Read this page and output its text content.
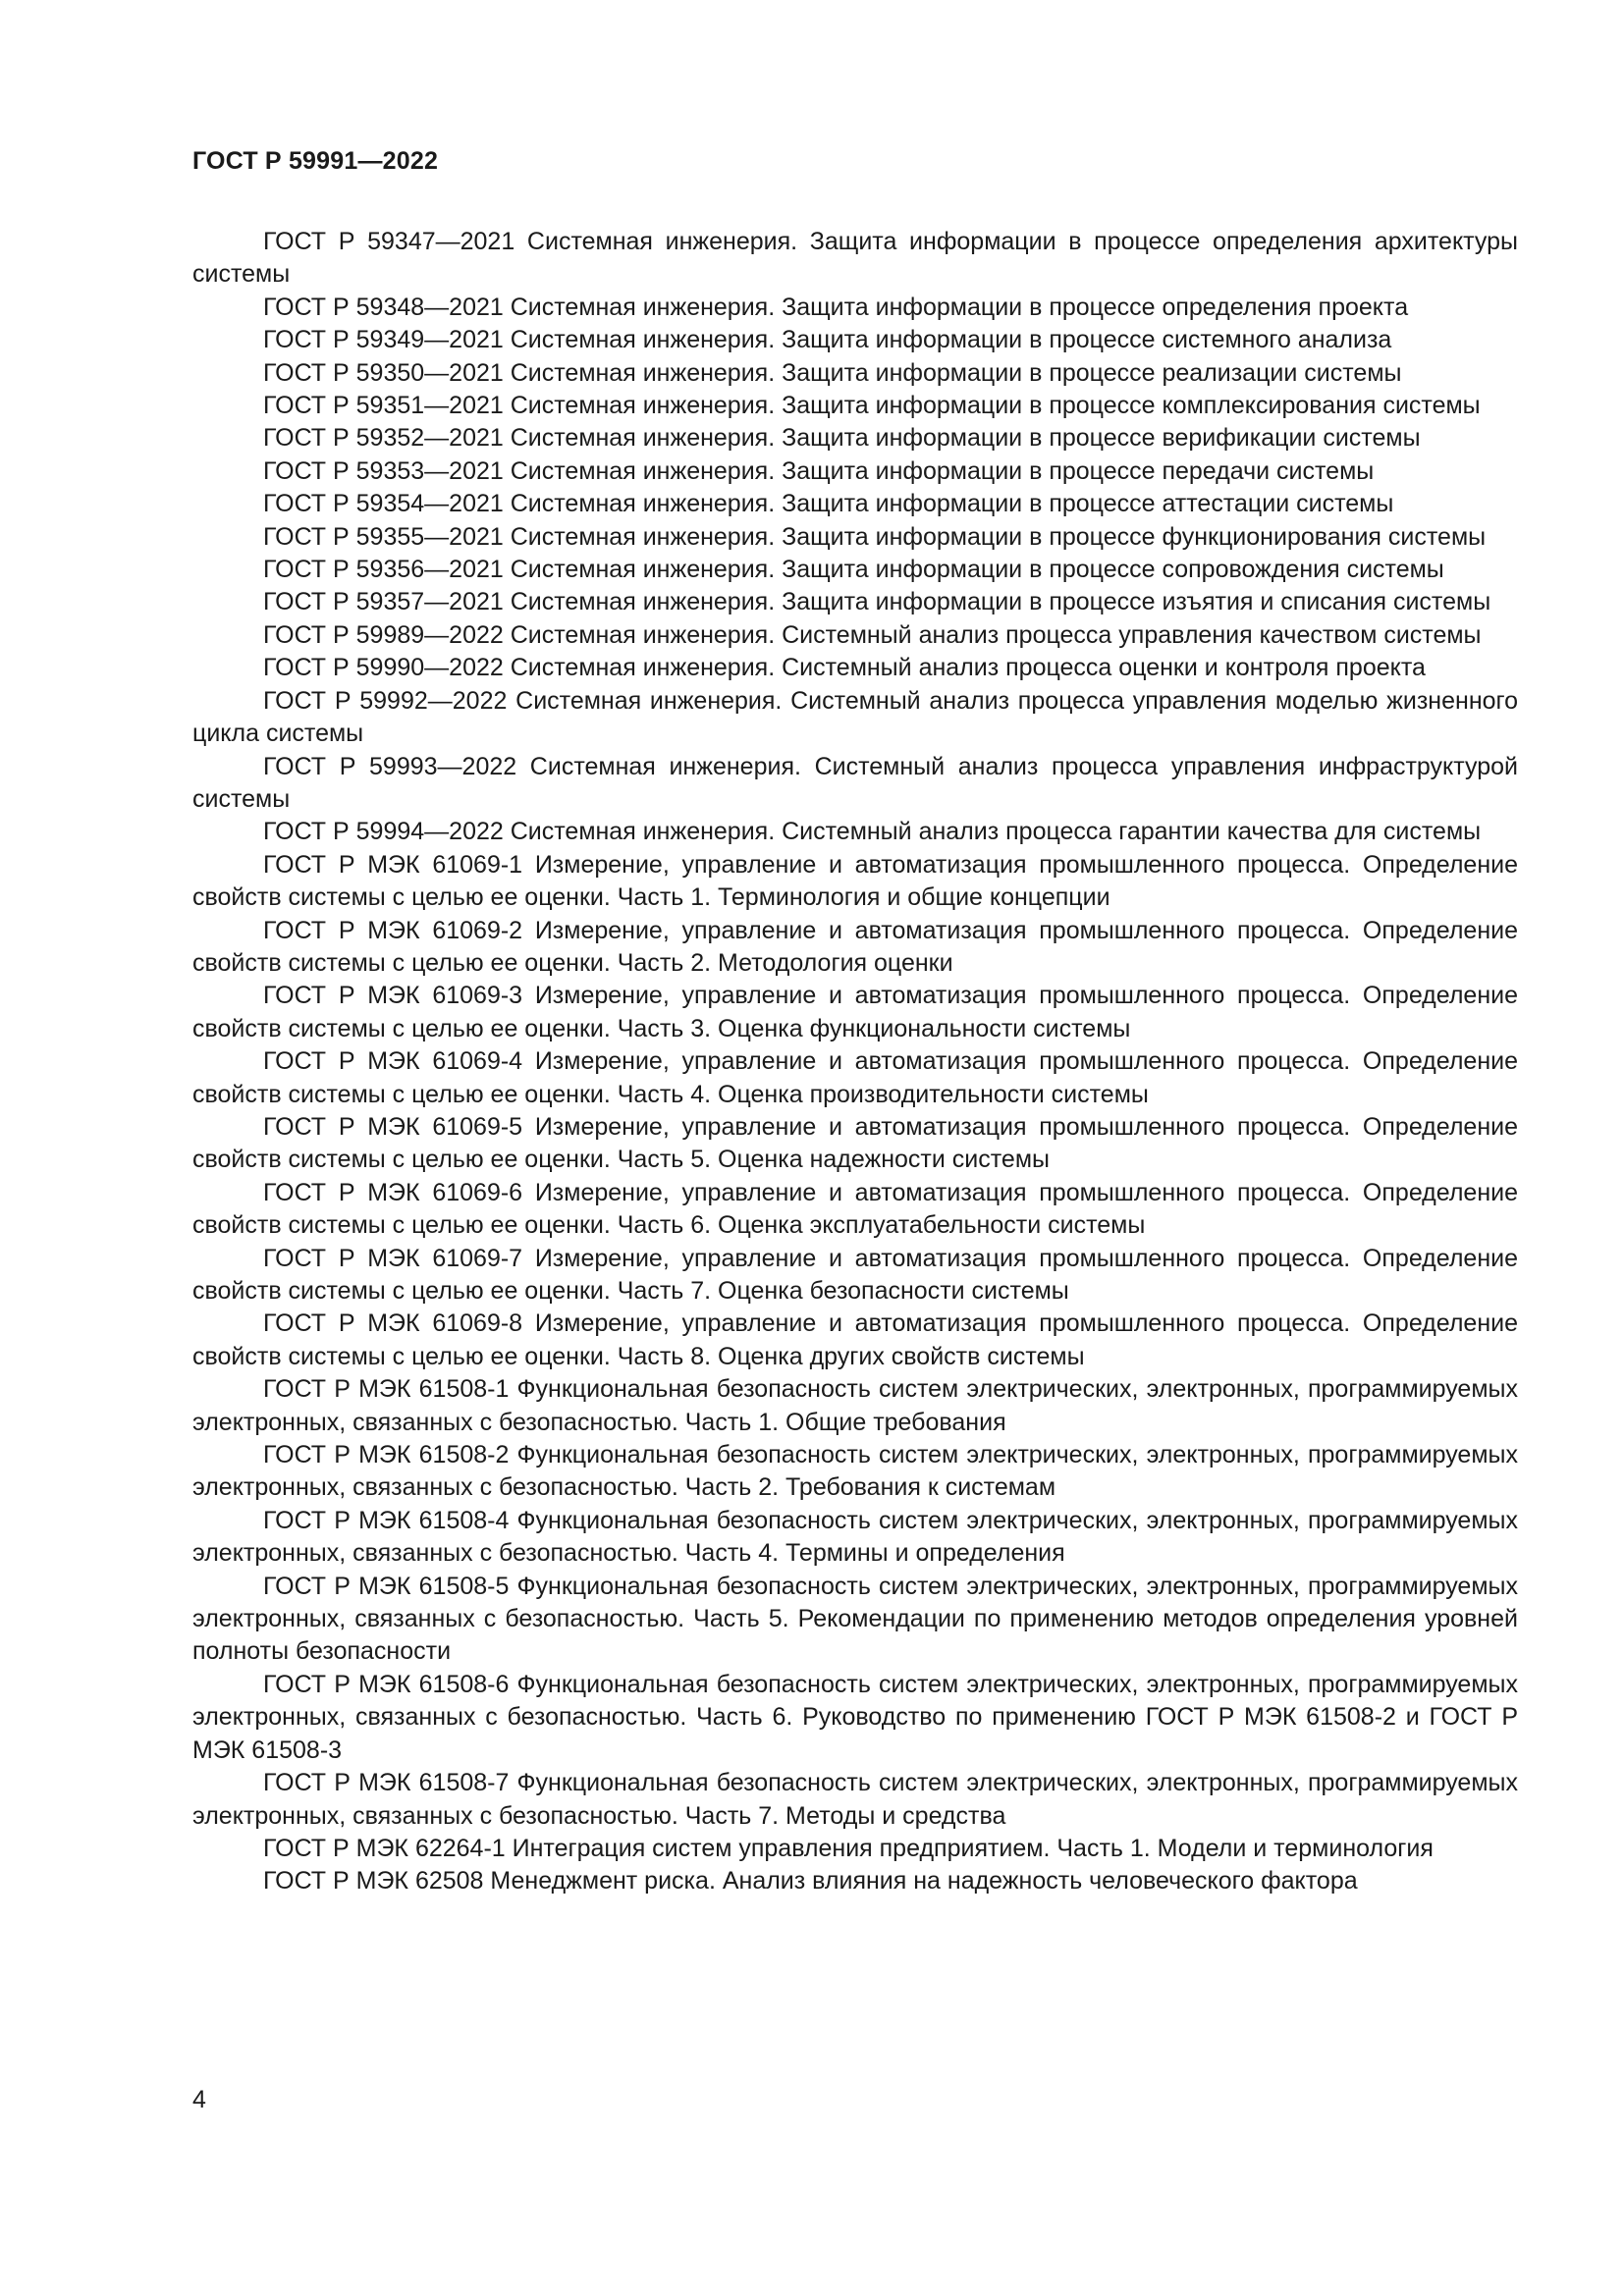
ГОСТ Р 59991—2022

ГОСТ Р 59347—2021 Системная инженерия. Защита информации в процессе определения архитектуры системы

ГОСТ Р 59348—2021 Системная инженерия. Защита информации в процессе определения проекта

ГОСТ Р 59349—2021 Системная инженерия. Защита информации в процессе системного анализа

ГОСТ Р 59350—2021 Системная инженерия. Защита информации в процессе реализации системы

ГОСТ Р 59351—2021 Системная инженерия. Защита информации в процессе комплексирования системы

ГОСТ Р 59352—2021 Системная инженерия. Защита информации в процессе верификации системы

ГОСТ Р 59353—2021 Системная инженерия. Защита информации в процессе передачи системы

ГОСТ Р 59354—2021 Системная инженерия. Защита информации в процессе аттестации системы

ГОСТ Р 59355—2021 Системная инженерия. Защита информации в процессе функционирования системы

ГОСТ Р 59356—2021 Системная инженерия. Защита информации в процессе сопровождения системы

ГОСТ Р 59357—2021 Системная инженерия. Защита информации в процессе изъятия и списания системы

ГОСТ Р 59989—2022 Системная инженерия. Системный анализ процесса управления качеством системы

ГОСТ Р 59990—2022 Системная инженерия. Системный анализ процесса оценки и контроля проекта

ГОСТ Р 59992—2022 Системная инженерия. Системный анализ процесса управления моделью жизненного цикла системы

ГОСТ Р 59993—2022 Системная инженерия. Системный анализ процесса управления инфраструктурой системы

ГОСТ Р 59994—2022 Системная инженерия. Системный анализ процесса гарантии качества для системы

ГОСТ Р МЭК 61069-1 Измерение, управление и автоматизация промышленного процесса. Определение свойств системы с целью ее оценки. Часть 1. Терминология и общие концепции

ГОСТ Р МЭК 61069-2 Измерение, управление и автоматизация промышленного процесса. Определение свойств системы с целью ее оценки. Часть 2. Методология оценки

ГОСТ Р МЭК 61069-3 Измерение, управление и автоматизация промышленного процесса. Определение свойств системы с целью ее оценки. Часть 3. Оценка функциональности системы

ГОСТ Р МЭК 61069-4 Измерение, управление и автоматизация промышленного процесса. Определение свойств системы с целью ее оценки. Часть 4. Оценка производительности системы

ГОСТ Р МЭК 61069-5 Измерение, управление и автоматизация промышленного процесса. Определение свойств системы с целью ее оценки. Часть 5. Оценка надежности системы

ГОСТ Р МЭК 61069-6 Измерение, управление и автоматизация промышленного процесса. Определение свойств системы с целью ее оценки. Часть 6. Оценка эксплуатабельности системы

ГОСТ Р МЭК 61069-7 Измерение, управление и автоматизация промышленного процесса. Определение свойств системы с целью ее оценки. Часть 7. Оценка безопасности системы

ГОСТ Р МЭК 61069-8 Измерение, управление и автоматизация промышленного процесса. Определение свойств системы с целью ее оценки. Часть 8. Оценка других свойств системы

ГОСТ Р МЭК 61508-1 Функциональная безопасность систем электрических, электронных, программируемых электронных, связанных с безопасностью. Часть 1. Общие требования

ГОСТ Р МЭК 61508-2 Функциональная безопасность систем электрических, электронных, программируемых электронных, связанных с безопасностью. Часть 2. Требования к системам

ГОСТ Р МЭК 61508-4 Функциональная безопасность систем электрических, электронных, программируемых электронных, связанных с безопасностью. Часть 4. Термины и определения

ГОСТ Р МЭК 61508-5 Функциональная безопасность систем электрических, электронных, программируемых электронных, связанных с безопасностью. Часть 5. Рекомендации по применению методов определения уровней полноты безопасности

ГОСТ Р МЭК 61508-6 Функциональная безопасность систем электрических, электронных, программируемых электронных, связанных с безопасностью. Часть 6. Руководство по применению ГОСТ Р МЭК 61508-2 и ГОСТ Р МЭК 61508-3

ГОСТ Р МЭК 61508-7 Функциональная безопасность систем электрических, электронных, программируемых электронных, связанных с безопасностью. Часть 7. Методы и средства

ГОСТ Р МЭК 62264-1 Интеграция систем управления предприятием. Часть 1. Модели и терминология

ГОСТ Р МЭК 62508 Менеджмент риска. Анализ влияния на надежность человеческого фактора

4
